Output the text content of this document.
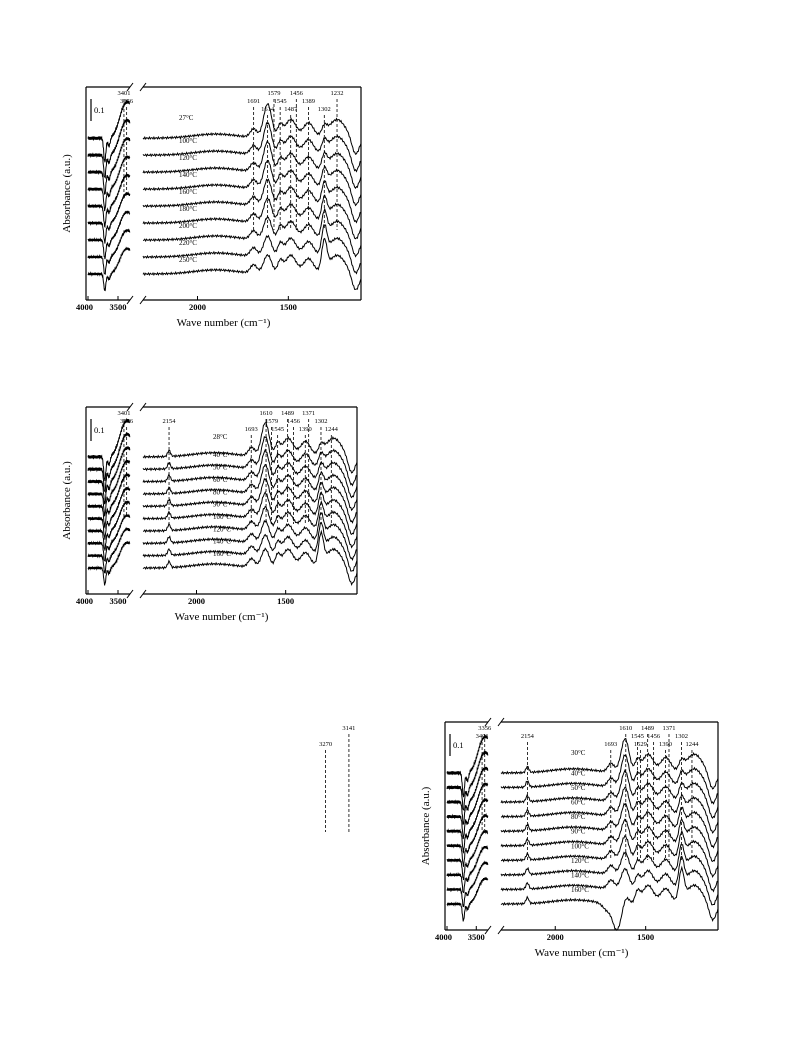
4000 3500	2000	1500
Wave number (cm⁻¹)
Absorbance (a.u.)
0.1
27°C
100°C
120°C
140°C
160°C
180°C
200°C
220°C
250°C
3401
3356	1691
1614
1579
1545
1487
1456
1389
1302
1232
4000 3500	2000	1500
Wave number (cm⁻¹)
Absorbance (a.u.)
0.1
28°C
40°C
50°C
60°C
80°C
90°C
100°C
120°C
140°C
160°C
3401
3356	2154
1693
1610
1579
1545
1489
1456
1390
1371
1302
1244
4000 3500	2000	1500
Wave number (cm⁻¹)
Absorbance (a.u.)
0.1
30°C
40°C
50°C
60°C
80°C
90°C
100°C
120°C
140°C
160°C
3356
3401
3270
3141
2154
1693
1610
1545
1529
1489
1456
1390
1371
1302
1244
